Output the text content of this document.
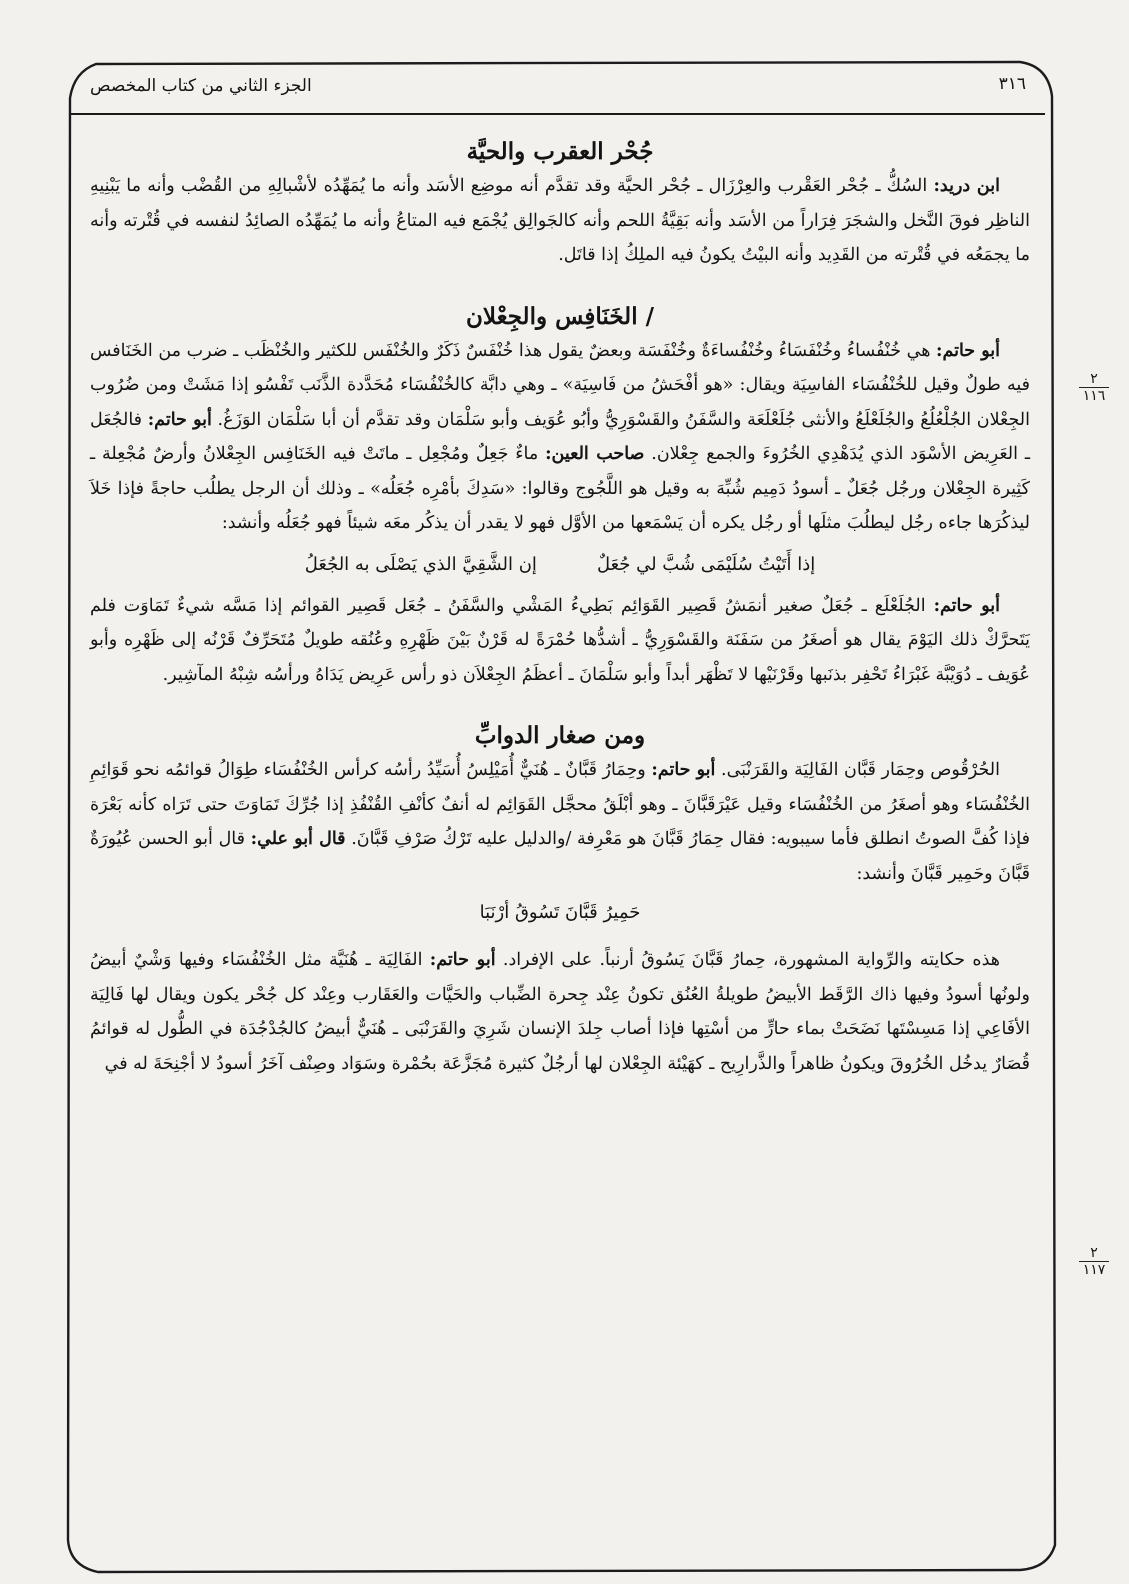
٣١٦
الجزء الثاني من كتاب المخصص
٢
١١٦
٢
١١٧
جُحْر العقرب والحيَّة

ابن دريد: السُكُّ ـ جُحْر العَقْرب والعِرْزَال ـ جُحْر الحيَّة وقد تقدَّم أنه موضِع الأسَد وأنه ما يُمَهِّدُه لأشْبالِهِ من القُضْب وأنه ما يَبْنِيهِ الناظِر فوقَ النَّخل والشجَرَ فِرَاراً من الأسَد وأنه بَقِيَّةُ اللحم وأنه كالجَوالِق يُجْمَع فيه المتاعُ وأنه ما يُمَهِّدُه الصائِدُ لنفسه في قُتْرته وأنه ما يجمَعُه في قُتْرته من القَدِيد وأنه البيْتُ يكونُ فيه الملِكُ إذا قاتَل.

/ الخَنَافِس والجِعْلان

أبو حاتم: هي خُنْفُساءُ وخُنْفَسَاءُ وخُنْفُساءَةٌ وخُنْفَسَة وبعضٌ يقول هذا خُنْفَسٌ ذَكَرٌ والخُنْفَس للكثير والخُنْظَب ـ ضرب من الخَنَافس فيه طولٌ وقيل للخُنْفُسَاء الفاسِيَة ويقال: «هو أفْحَشُ من فَاسِيَة» ـ وهي دابَّة كالخُنْفُسَاء مُحَدَّدة الذَّنَب تَفْسُو إذا مَشَتْ ومن ضُرُوب الجِعْلان الجُلْعُلُعُ والجُلَعْلَعُ والأنثى جُلَعْلَعَة والسَّفَنُ والقَسْوَرِيُّ وأبُو عُوَيف وأبو سَلْمَان وقد تقدَّم أن أبا سَلْمَان الوَزَغُ. أبو حاتم: فالجُعَل ـ العَرِيض الأسْوَد الذي يُدَهْدِي الخُرُوءَ والجمع جِعْلان. صاحب العين: ماءٌ جَعِلٌ ومُجْعِل ـ ماتَتْ فيه الخَنَافِس الجِعْلانُ وأرضٌ مُجْعِلة ـ كَثِيرة الجِعْلان ورجُل جُعَلٌ ـ أسودُ دَمِيم شُبِّهَ به وقيل هو اللَّجُوج وقالوا: «سَدِكَ بأمْرِه جُعَلُه» ـ وذلك أن الرجل يطلُب حاجةً فإذا خَلاَ ليذكُرَها جاءه رجُل ليطلُبَ مثلَها أو رجُل يكره أن يَسْمَعها من الأوَّل فهو لا يقدر أن يذكُر معَه شيئاً فهو جُعَلُه وأنشد:

إذا أَتَيْتُ سُلَيْمَى شُبَّ لي جُعَلٌ
إن الشَّقِيَّ الذي يَصْلَى به الجُعَلُ

أبو حاتم: الجُلَعْلَع ـ جُعَلٌ صغير أنمَشُ قَصِير القَوَائِم بَطِيءُ المَشْي والسَّفَنُ ـ جُعَل قَصِير القوائم إذا مَسَّه شيءٌ تَمَاوَت فلم يَتَحرَّكْ ذلك اليَوْمَ يقال هو أصغَرُ من سَفَنَة والقَسْوَرِيُّ ـ أشدُّها حُمْرَةً له قَرْنٌ بَيْنَ ظَهْرِهِ وعُنُقه طويلٌ مُتَحَرِّفٌ قَرْنُه إلى ظَهْرِه وأبو عُوَيف ـ دُوَيْبَّة غَبْرَاءُ تَحْفِر بذنَبها وقَرْنَيْها لا تَظْهَر أبداً وأبو سَلْمَانَ ـ أعظَمُ الجِعْلاَن ذو رأس عَرِيض يَدَاهُ ورأسُه شِبْهُ المآشِير.

ومن صغار الدوابِّ

الحُرْقُوص وحِمَار قَبَّان الفَالِيَة والقَرَنْبَى. أبو حاتم: وحِمَارُ قَبَّانٌ ـ هُنَيٌّ أُمَيْلِسُ أُسَيِّدُ رأسُه كرأس الخُنْفُسَاء طِوَالُ قوائمُه نحو قَوَائِمِ الخُنْفُسَاء وهو أصغَرُ من الخُنْفُسَاء وقيل عَيْرَقَبَّانَ ـ وهو أبْلَقُ محجَّل القَوَائِم له أنفٌ كأنْفِ القُنْفُذِ إذا جُرِّكَ تَمَاوَتَ حتى تَرَاه كأنه بَعْرَة فإذا كُفَّ الصوتُ انطلق فأما سيبويه: فقال حِمَارُ قَبَّانَ هو مَعْرِفة /والدليل عليه تَرْكُ صَرْفِ قَبَّانَ. قال أبو علي: قال أبو الحسن عُيُورَةٌ قَبَّانَ وحَمِير قَبَّانَ وأنشد:

حَمِيرُ قَبَّانَ تَسُوقُ أرْنَبَا

هذه حكايته والرِّواية المشهورة، حِمارُ قَبَّانَ يَسُوقُ أرنباً. على الإفراد. أبو حاتم: الفَالِيَة ـ هُنَيَّة مثل الخُنْفُسَاء وفيها وَشْيٌ أبيضُ ولونُها أسودُ وفيها ذاك الرَّقَط الأبيضُ طويلةُ العُنُق تكونُ عِنْد جِحرة الضِّباب والحَيَّات والعَقَارب وعِنْد كل جُحْر يكون ويقال لها فَالِيَة الأفَاعِي إذا مَسِسْتَها نَضَحَتْ بماء حارٍّ من أسْتِها فإذا أصاب جِلدَ الإنسان شَرِيَ والقَرَنْبَى ـ هُنَيٌّ أبيضُ كالجُدْجُدَة في الطُّول له قوائمُ قُصَارٌ يدخُل الخُرُوقَ ويكونُ ظاهراً والذَّرارِيح ـ كهَيْئة الجِعْلان لها أرجُلٌ كثيرة مُجَزَّعَة بحُمْرة وسَوَاد وصِنْف آخَرُ أسودُ لا أجْنِحَةَ له في
